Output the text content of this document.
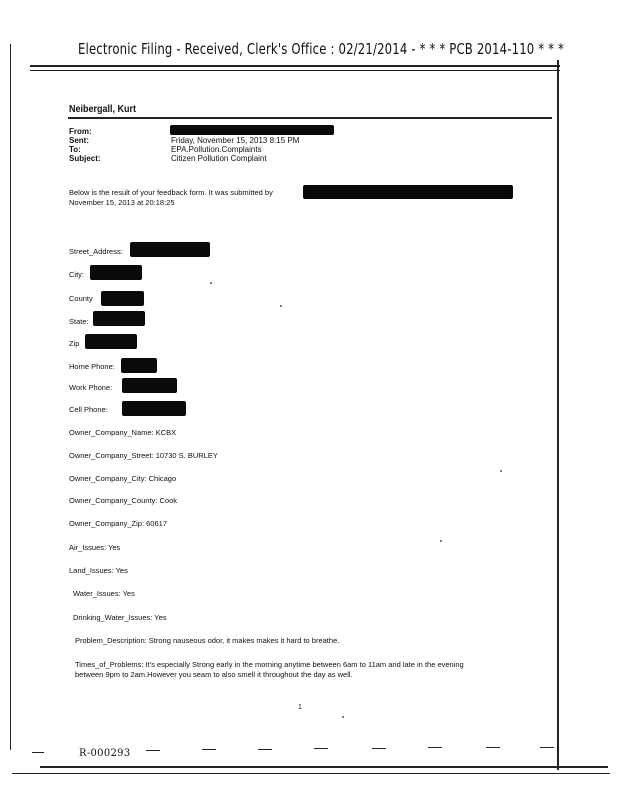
Electronic Filing - Received, Clerk's Office : 02/21/2014 - * * * PCB 2014-110 * * *
Neibergall, Kurt
From:
Sent:
To:
Subject:
Friday, November 15, 2013 8:15 PM
EPA.Pollution.Complaints
Citizen Pollution Complaint
Below is the result of your feedback form. It was submitted by
November 15, 2013 at 20:18:25
Street_Address:
City:
County
State:
Zip
Home Phone:
Work Phone:
Cell Phone:
Owner_Company_Name: KCBX
Owner_Company_Street: 10730 S. BURLEY
Owner_Company_City: Chicago
Owner_Company_County: Cook
Owner_Company_Zip: 60617
Air_Issues: Yes
Land_Issues: Yes
Water_Issues: Yes
Drinking_Water_Issues: Yes
Problem_Description: Strong nauseous odor, it makes makes it hard to breathe.
Times_of_Problems: It's especially Strong early in the morning anytime between 6am to 11am and late in the evening
between 9pm to 2am.However you seam to also smell it throughout the day as well.
1
R-000293
